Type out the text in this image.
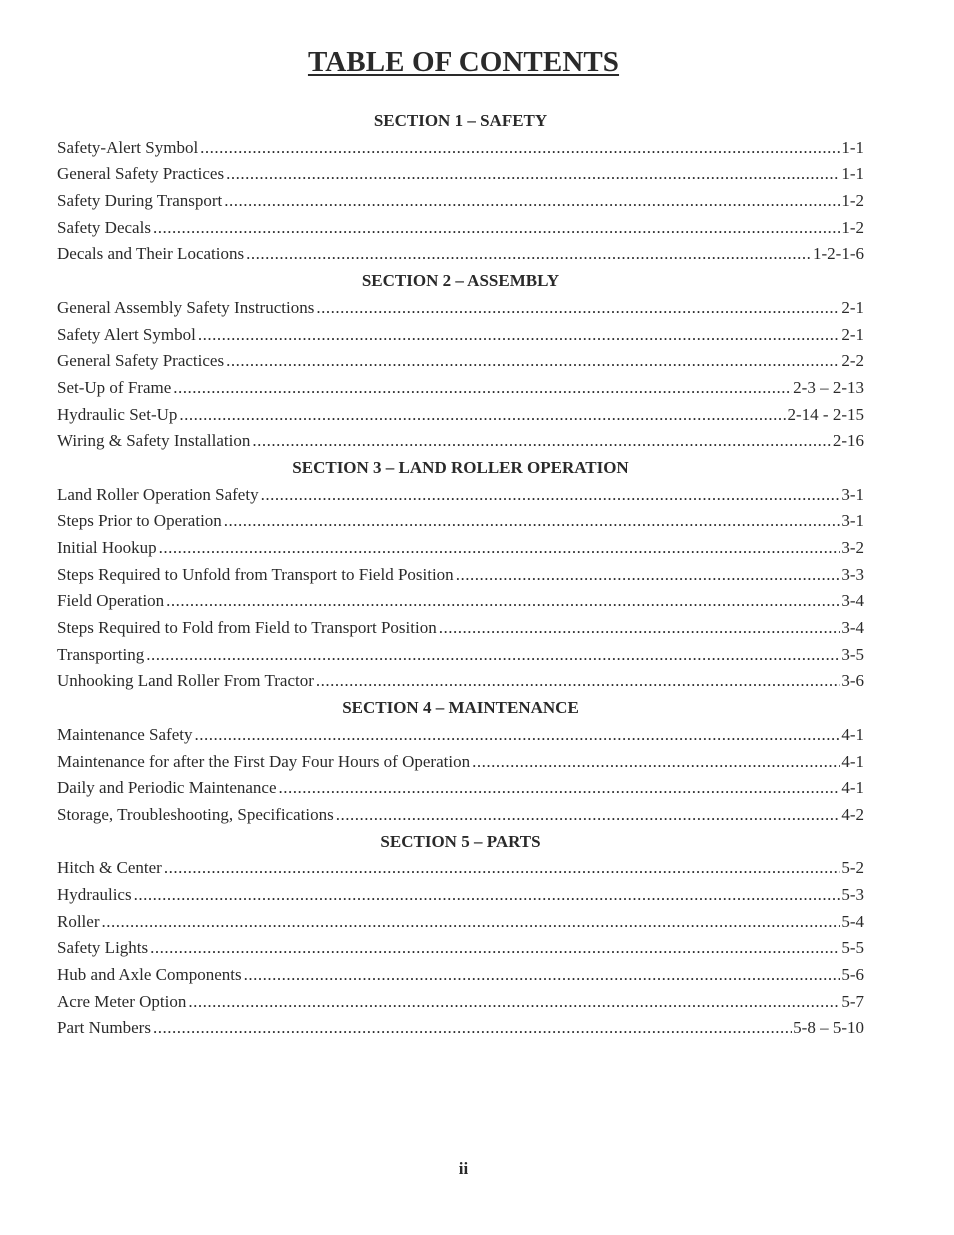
TABLE OF CONTENTS
SECTION 1 – SAFETY
Safety-Alert Symbol .....	1-1
General Safety Practices .....	1-1
Safety During Transport .....	1-2
Safety Decals .....	1-2
Decals and Their Locations .....	1-2-1-6
SECTION 2 – ASSEMBLY
General Assembly Safety Instructions .....	2-1
Safety Alert Symbol .....	2-1
General Safety Practices .....	2-2
Set-Up of Frame .....	2-3 – 2-13
Hydraulic Set-Up .....	2-14 - 2-15
Wiring & Safety Installation .....	2-16
SECTION 3 – LAND ROLLER OPERATION
Land Roller Operation Safety .....	3-1
Steps Prior to Operation .....	3-1
Initial Hookup .....	3-2
Steps Required to Unfold from Transport to Field Position .....	3-3
Field Operation .....	3-4
Steps Required to Fold from Field to Transport Position .....	3-4
Transporting .....	3-5
Unhooking Land Roller From Tractor .....	3-6
SECTION 4 – MAINTENANCE
Maintenance Safety .....	4-1
Maintenance for after the First Day Four Hours of Operation .....	4-1
Daily and Periodic Maintenance .....	4-1
Storage, Troubleshooting, Specifications .....	4-2
SECTION 5 – PARTS
Hitch & Center .....	5-2
Hydraulics .....	5-3
Roller .....	5-4
Safety Lights .....	5-5
Hub and Axle Components .....	5-6
Acre Meter Option .....	5-7
Part Numbers .....	5-8 – 5-10
ii
